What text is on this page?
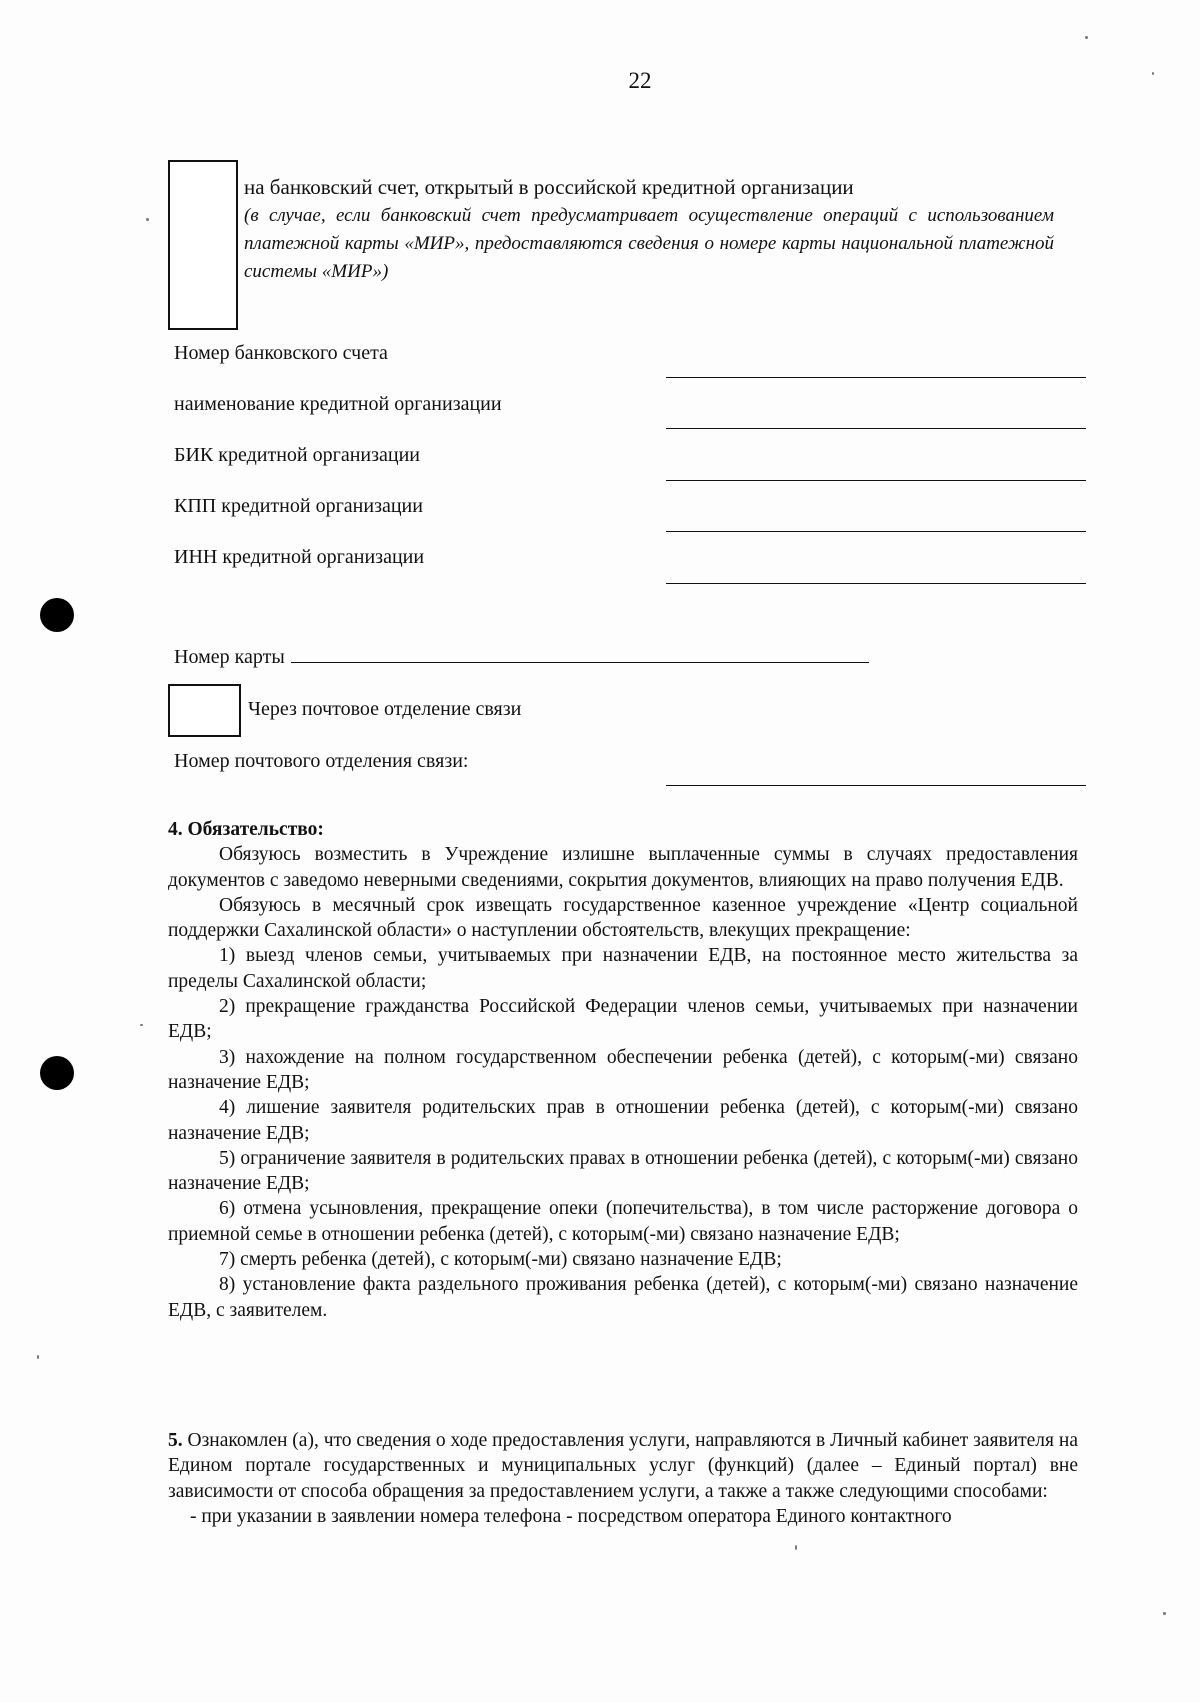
22
на банковский счет, открытый в российской кредитной организации
(в случае, если банковский счет предусматривает осуществление операций с использованием платежной карты «МИР», предоставляются сведения о номере карты национальной платежной системы «МИР»)
Номер банковского счета
наименование кредитной организации
БИК кредитной организации
КПП кредитной организации
ИНН кредитной организации
Номер карты
Через почтовое отделение связи
Номер почтового отделения связи:

4. Обязательство:

Обязуюсь возместить в Учреждение излишне выплаченные суммы в случаях предоставления документов с заведомо неверными сведениями, сокрытия документов, влияющих на право получения ЕДВ.

Обязуюсь в месячный срок извещать государственное казенное учреждение «Центр социальной поддержки Сахалинской области» о наступлении обстоятельств, влекущих прекращение:

1) выезд членов семьи, учитываемых при назначении ЕДВ, на постоянное место жительства за пределы Сахалинской области;

2) прекращение гражданства Российской Федерации членов семьи, учитываемых при назначении ЕДВ;

3) нахождение на полном государственном обеспечении ребенка (детей), с которым(-ми) связано назначение ЕДВ;

4) лишение заявителя родительских прав в отношении ребенка (детей), с которым(-ми) связано назначение ЕДВ;

5) ограничение заявителя в родительских правах в отношении ребенка (детей), с которым(-ми) связано назначение ЕДВ;

6) отмена усыновления, прекращение опеки (попечительства), в том числе расторжение договора о приемной семье в отношении ребенка (детей), с которым(-ми) связано назначение ЕДВ;

7) смерть ребенка (детей), с которым(-ми) связано назначение ЕДВ;

8) установление факта раздельного проживания ребенка (детей), с которым(-ми) связано назначение ЕДВ, с заявителем.

5. Ознакомлен (а), что сведения о ходе предоставления услуги, направляются в Личный кабинет заявителя на Едином портале государственных и муниципальных услуг (функций) (далее – Единый портал) вне зависимости от способа обращения за предоставлением услуги, а также а также следующими способами:

- при указании в заявлении номера телефона - посредством оператора Единого контактного
